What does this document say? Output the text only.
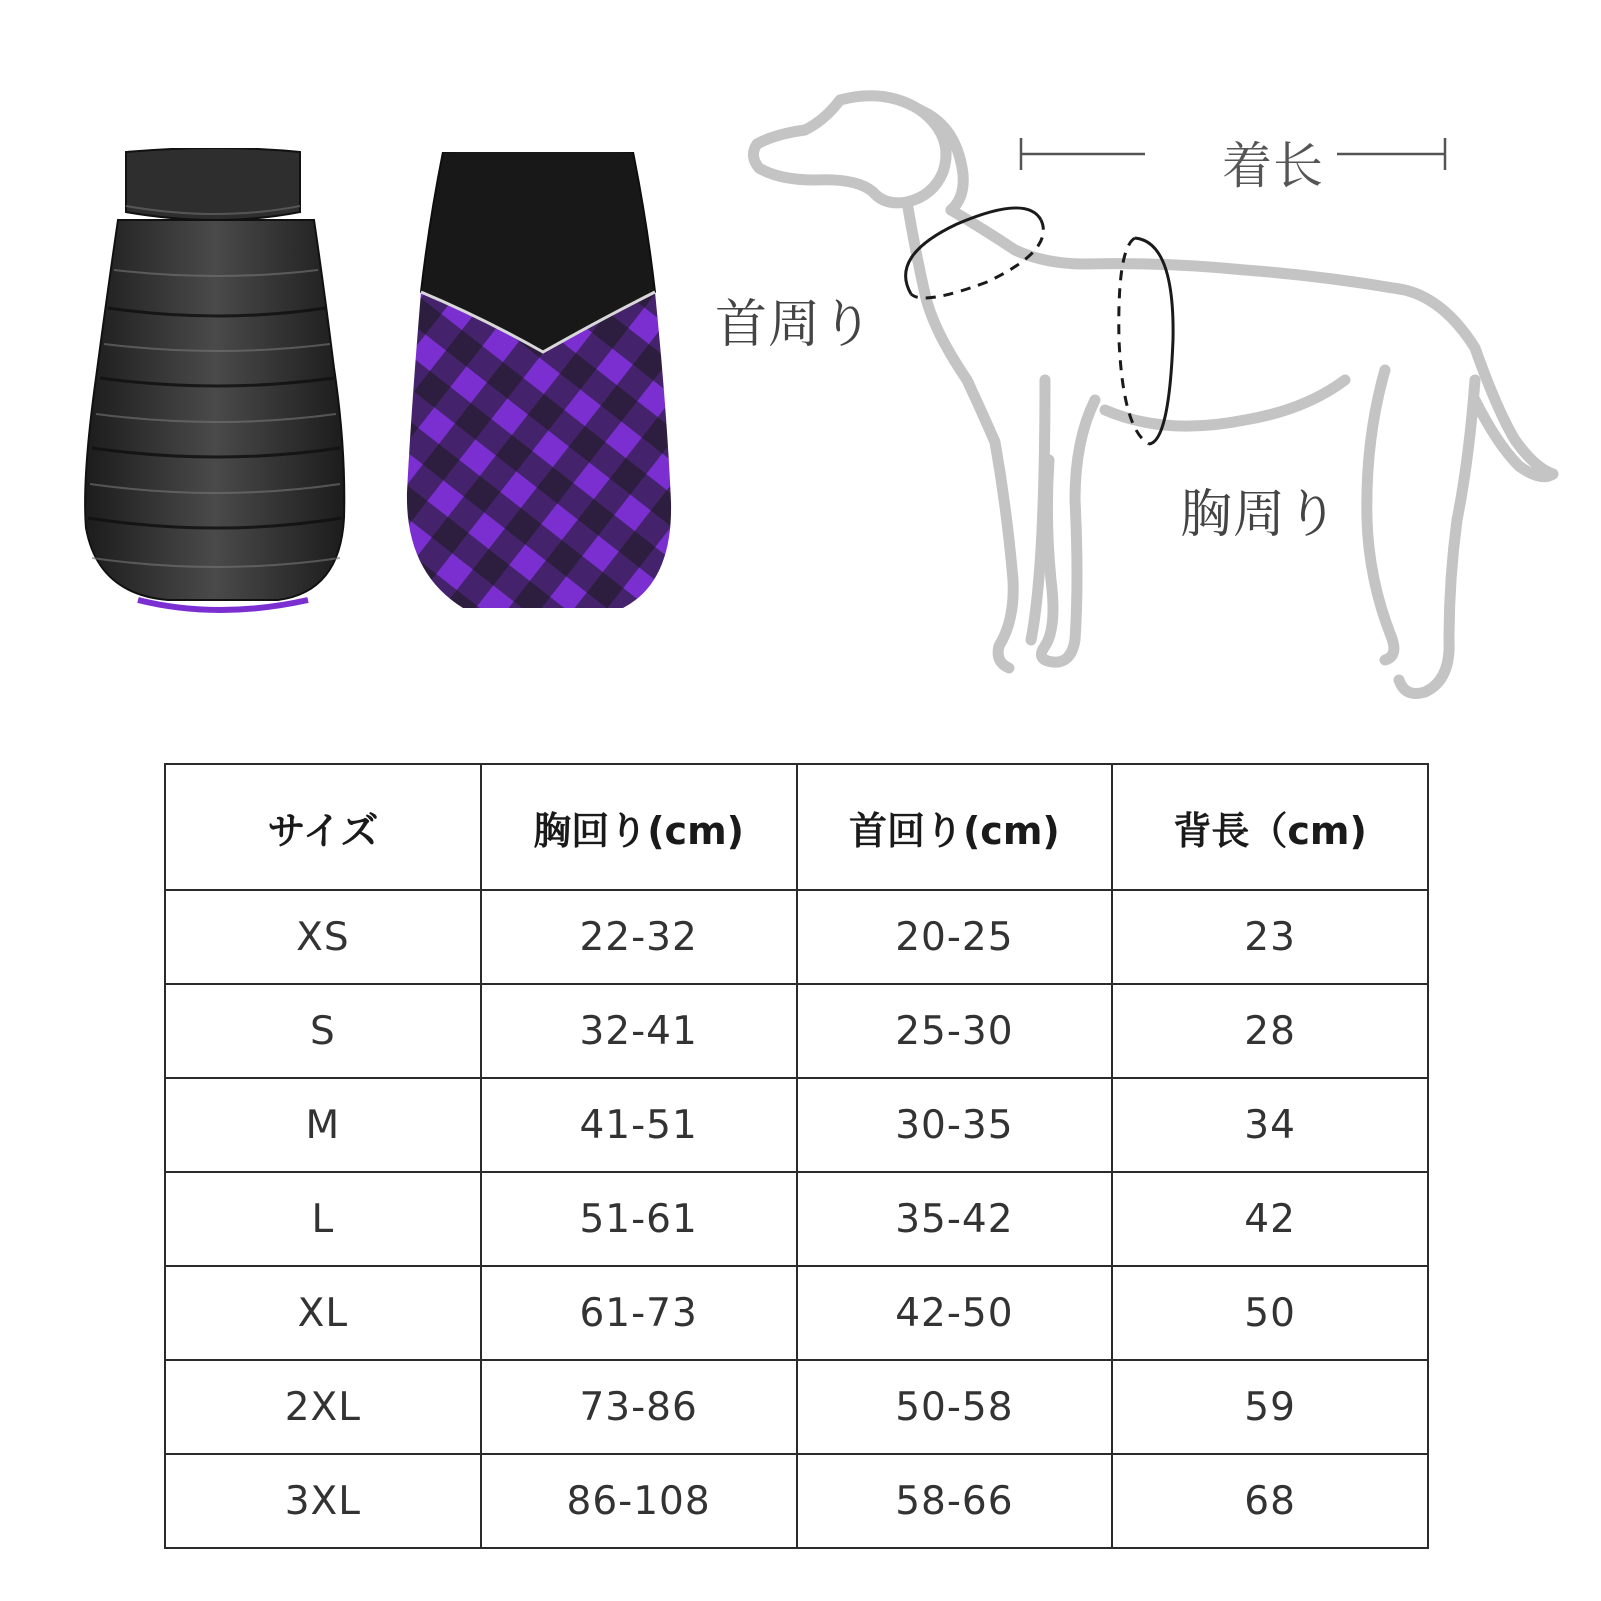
着长
首周り
胸周り
サイズ	胸回り(cm)	首回り(cm)	背長（cm)
XS	22-32	20-25	23
S	32-41	25-30	28
M	41-51	30-35	34
L	51-61	35-42	42
XL	61-73	42-50	50
2XL	73-86	50-58	59
3XL	86-108	58-66	68
